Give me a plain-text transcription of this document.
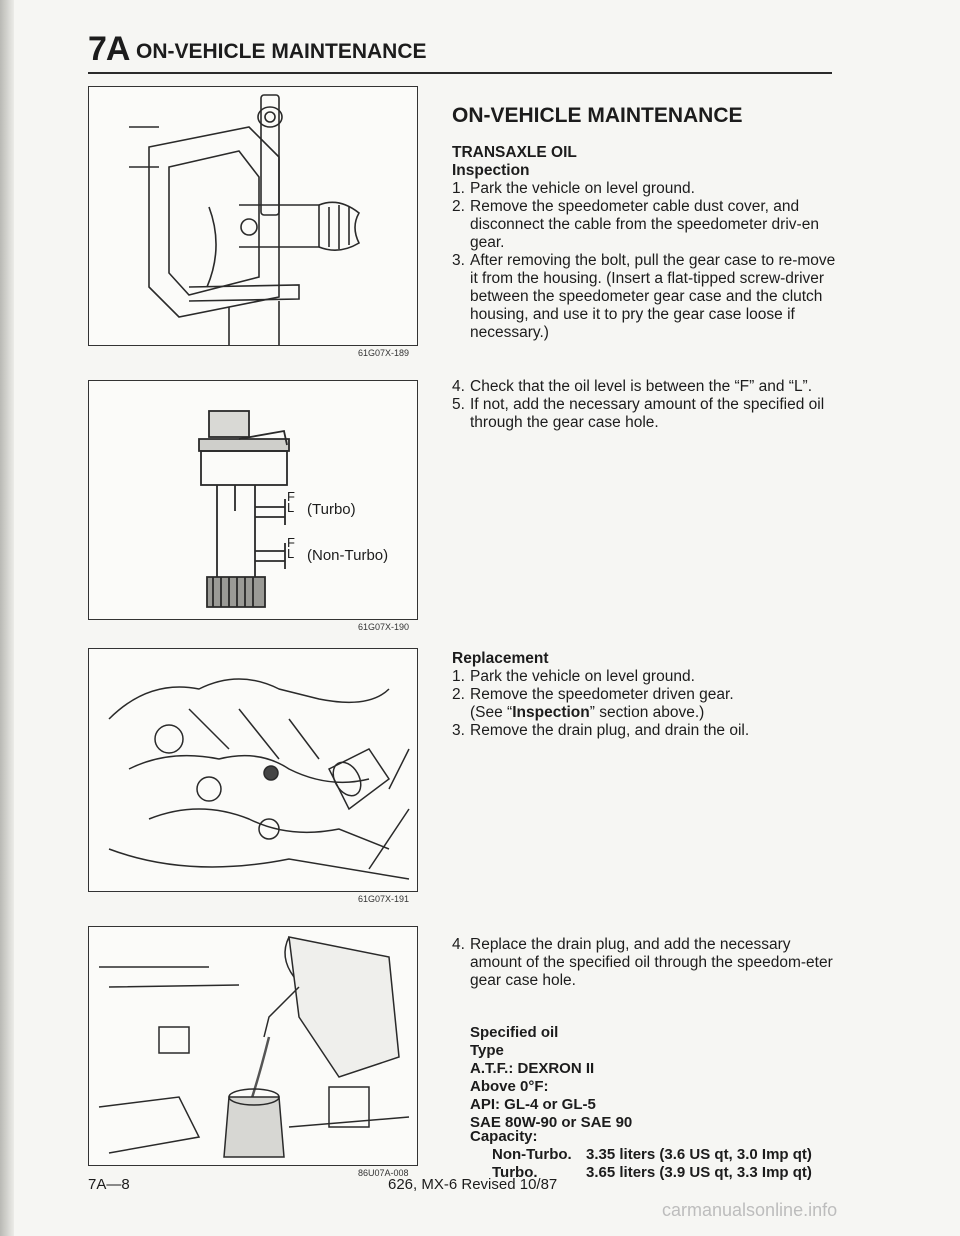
7A ON-VEHICLE MAINTENANCE
61G07X-189
F
L (Turbo)
F
L (Non-Turbo)
61G07X-190
61G07X-191
86U07A-008
ON-VEHICLE MAINTENANCE
TRANSAXLE OIL
Inspection
1. Park the vehicle on level ground.
2. Remove the speedometer cable dust cover, and disconnect the cable from the speedometer driv-en gear.
3. After removing the bolt, pull the gear case to re-move it from the housing. (Insert a flat-tipped screw-driver between the speedometer gear case and the clutch housing, and use it to pry the gear case loose if necessary.)
4. Check that the oil level is between the “F” and “L”.
5. If not, add the necessary amount of the specified oil through the gear case hole.
Replacement
1. Park the vehicle on level ground.
2. Remove the speedometer driven gear.
(See “Inspection” section above.)
3. Remove the drain plug, and drain the oil.
4. Replace the drain plug, and add the necessary amount of the specified oil through the speedom-eter gear case hole.
Specified oil
Type
A.T.F.: DEXRON II
Above 0°F:
API: GL-4 or GL-5
SAE 80W-90 or SAE 90
Capacity:
Non-Turbo. 3.35 liters (3.6 US qt, 3.0 Imp qt)
Turbo.	3.65 liters (3.9 US qt, 3.3 Imp qt)
7A—8	626, MX-6 Revised 10/87
carmanualsonline.info
